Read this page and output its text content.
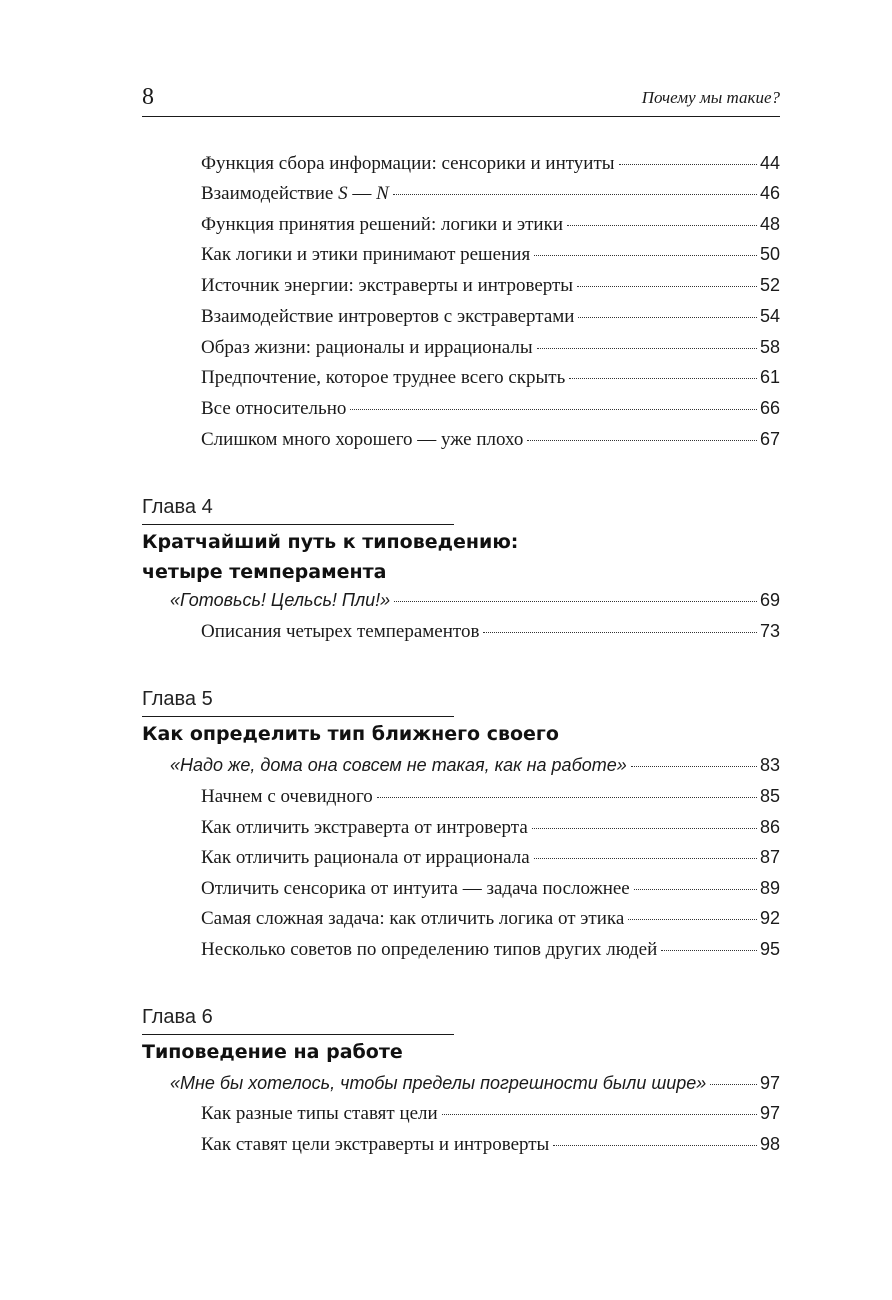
8	Почему мы такие?
Функция сбора информации: сенсорики и интуиты	44
Взаимодействие S — N	46
Функция принятия решений: логики и этики	48
Как логики и этики принимают решения	50
Источник энергии: экстраверты и интроверты	52
Взаимодействие интровертов с экстравертами	54
Образ жизни: рационалы и иррационалы	58
Предпочтение, которое труднее всего скрыть	61
Все относительно	66
Слишком много хорошего — уже плохо	67
Глава 4
Кратчайший путь к типоведению:
четыре темперамента
«Готовьсь! Цельсь! Пли!»	69
Описания четырех темпераментов	73
Глава 5
Как определить тип ближнего своего
«Надо же, дома она совсем не такая, как на работе»	83
Начнем с очевидного	85
Как отличить экстраверта от интроверта	86
Как отличить рационала от иррационала	87
Отличить сенсорика от интуита — задача посложнее	89
Самая сложная задача: как отличить логика от этика	92
Несколько советов по определению типов других людей	95
Глава 6
Типоведение на работе
«Мне бы хотелось, чтобы пределы погрешности были шире»	97
Как разные типы ставят цели	97
Как ставят цели экстраверты и интроверты	98
